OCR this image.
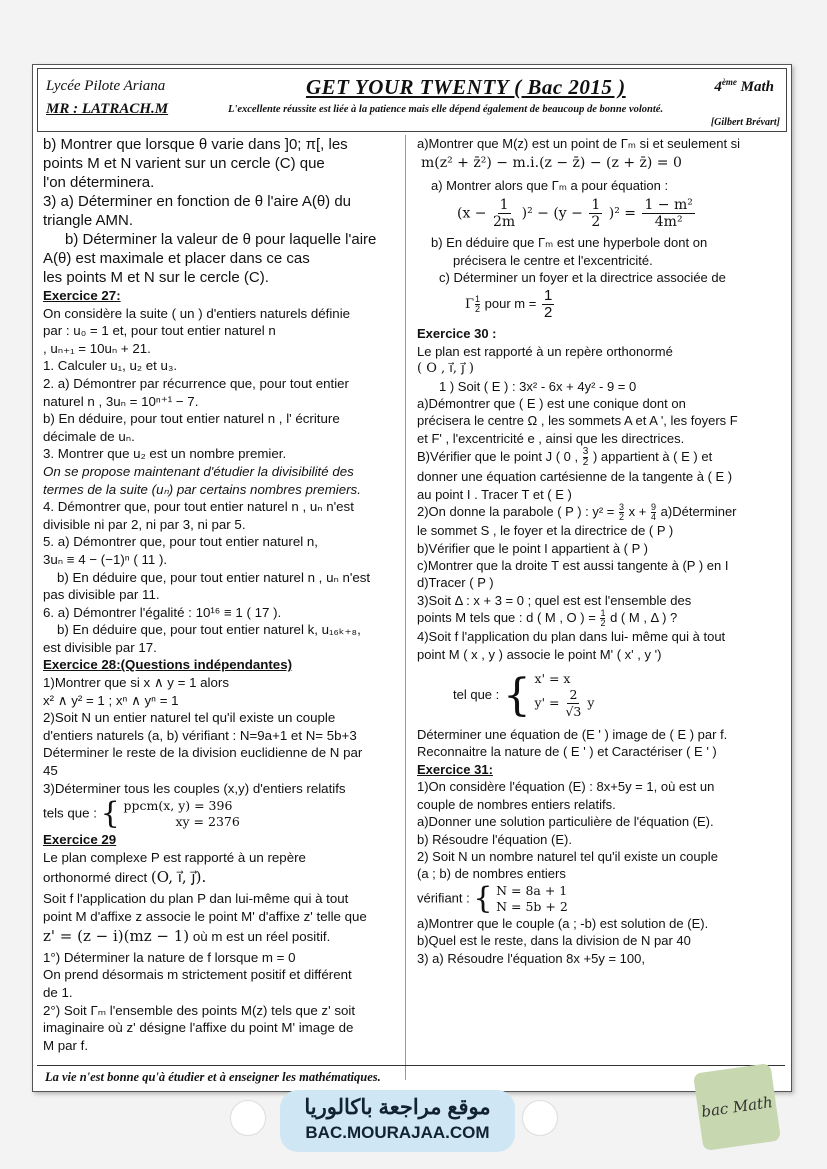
Lycée Pilote Ariana
MR : LATRACH.M
GET YOUR TWENTY ( Bac 2015 )	4ème Math
L'excellente réussite est liée à la patience mais elle dépend également de beaucoup de bonne volonté.
[Gilbert Brévart]

b) Montrer que lorsque θ varie dans ]0; π[, les

points M et N varient sur un cercle (C) que

l'on déterminera.

3) a) Déterminer en fonction de θ l'aire A(θ) du

triangle AMN.

b) Déterminer la valeur de θ pour laquelle l'aire

A(θ) est maximale et placer dans ce cas

les points M et N sur le cercle (C).

Exercice 27:

On considère la suite ( un ) d'entiers naturels définie

par : u₀ = 1 et, pour tout entier naturel n

, uₙ₊₁ = 10uₙ + 21.

1. Calculer u₁, u₂ et u₃.

2. a) Démontrer par récurrence que, pour tout entier

naturel n , 3uₙ = 10ⁿ⁺¹ − 7.

b) En déduire, pour tout entier naturel n , l' écriture

décimale de uₙ.

3. Montrer que u₂ est un nombre premier.

On se propose maintenant d'étudier la divisibilité des

termes de la suite (uₙ) par certains nombres premiers.

4. Démontrer que, pour tout entier naturel n , uₙ n'est

divisible ni par 2, ni par 3, ni par 5.

5. a) Démontrer que, pour tout entier naturel n,

3uₙ ≡ 4 − (−1)ⁿ ( 11 ).

b) En déduire que, pour tout entier naturel n , uₙ n'est

pas divisible par 11.

6. a) Démontrer l'égalité : 10¹⁶ ≡ 1 ( 17 ).

b) En déduire que, pour tout entier naturel k, u₁₆ₖ₊₈,

est divisible par 17.

Exercice 28:(Questions indépendantes)

1)Montrer que si x ∧ y = 1 alors

x² ∧ y² = 1 ; xⁿ ∧ yⁿ = 1

2)Soit N un entier naturel tel qu'il existe un couple

d'entiers naturels (a, b) vérifiant : N=9a+1 et N= 5b+3

Déterminer le reste de la division euclidienne de N par

45

3)Déterminer tous les couples (x,y) d'entiers relatifs

tels que : { ppcm(x, y) = 396
xy = 2376

Exercice 29

Le plan complexe P est rapporté à un repère

orthonormé direct (O, i⃗, j⃗).

Soit f l'application du plan P dan lui-même qui à tout

point M d'affixe z associe le point M' d'affixe z' telle que

z' = (z − i)(mz − 1) où m est un réel positif.

1°) Déterminer la nature de f lorsque m = 0

On prend désormais m strictement positif et différent

de 1.

2°) Soit Γₘ l'ensemble des points M(z) tels que z' soit

imaginaire où z' désigne l'affixe du point M' image de

M par f.

a)Montrer que M(z) est un point de Γₘ si et seulement si

m(z² + z̄²) − m.i.(z − z̄) − (z + z̄) = 0

a) Montrer alors que Γₘ a pour équation :

$(x - \frac{1}{2m} )^2 - (y - \frac{1}{2} )^2 = \frac{\text{1 − m²}}{\text{4m²}}$

b) En déduire que Γₘ est une hyperbole dont on

précisera le centre et l'excentricité.

c) Déterminer un foyer et la directrice associée de

Γ $\frac{1}{2}$ pour $m = \frac{1}{2}$

Exercice 30 :

Le plan est rapporté à un repère orthonormé

( O , i⃗, j⃗ )

1 ) Soit ( E ) : 3x² - 6x + 4y² - 9 = 0

a)Démontrer que ( E ) est une conique dont on

précisera le centre Ω , les sommets A et A ', les foyers F

et F' , l'excentricité e , ainsi que les directrices.

B)Vérifier que le point J ( 0 , $\frac{3}{2}$ ) appartient à ( E ) et

donner une équation cartésienne de la tangente à ( E )

au point I . Tracer T et ( E )

2)On donne la parabole ( P ) : $y^2 = \frac{3}{2}$ $x + \frac{9}{4}$ a)Déterminer

le sommet S , le foyer et la directrice de ( P )

b)Vérifier que le point I appartient à ( P )

c)Montrer que la droite T est aussi tangente à (P ) en I

d)Tracer ( P )

3)Soit Δ : x + 3 = 0 ; quel est est l'ensemble des

points M tels que : d ( M , O ) = $\frac{1}{2}$ d ( M , Δ ) ?

4)Soit f l'application du plan dans lui- même qui à tout

point M ( x , y ) associe le point M' ( x' , y ')

tel que : { x' = x
$y' = \frac{2}{√3}$ y

Déterminer une équation de (E ' ) image de ( E ) par f.

Reconnaitre la nature de ( E ' ) et Caractériser ( E ' )

Exercice 31:

1)On considère l'équation (E) : 8x+5y = 1, où est un

couple de nombres entiers relatifs.

a)Donner une solution particulière de l'équation (E).

b) Résoudre l'équation (E).

2) Soit N un nombre naturel tel qu'il existe un couple

(a ; b) de nombres entiers

vérifiant : { N = 8a + 1
N = 5b + 2

a)Montrer que le couple (a ; -b) est solution de (E).

b)Quel est le reste, dans la division de N par 40

3) a) Résoudre l'équation 8x +5y = 100,

La vie n'est bonne qu'à étudier et à enseigner les mathématiques.
موقع مراجعة باكالوريا
BAC.MOURAJAA.COM
bac Math
